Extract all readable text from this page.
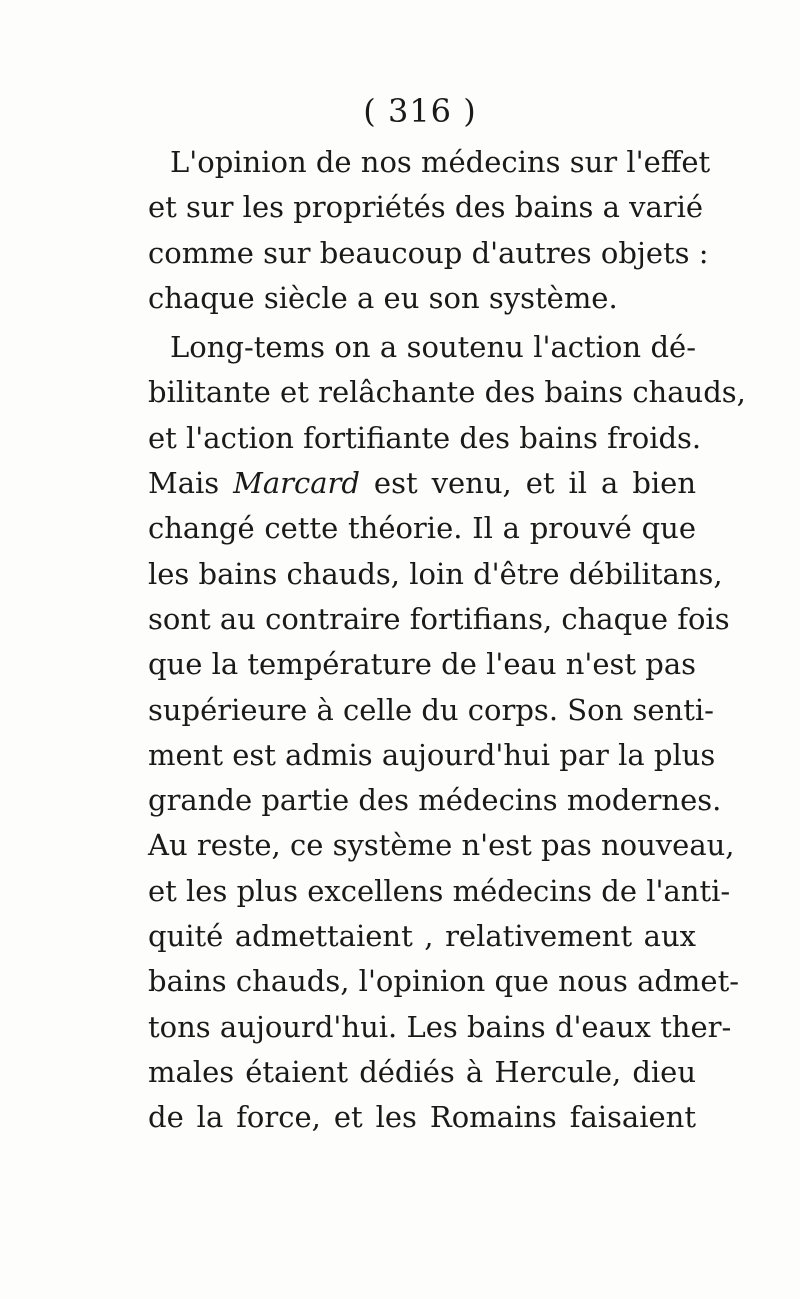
( 316 )
L'opinion de nos médecins sur l'effet
et sur les propriétés des bains a varié
comme sur beaucoup d'autres objets :
chaque siècle a eu son système.
Long-tems on a soutenu l'action dé-
bilitante et relâchante des bains chauds,
et l'action fortifiante des bains froids.
Mais Marcard est venu, et il a bien
changé cette théorie. Il a prouvé que
les bains chauds, loin d'être débilitans,
sont au contraire fortifians, chaque fois
que la température de l'eau n'est pas
supérieure à celle du corps. Son senti-
ment est admis aujourd'hui par la plus
grande partie des médecins modernes.
Au reste, ce système n'est pas nouveau,
et les plus excellens médecins de l'anti-
quité admettaient , relativement aux
bains chauds, l'opinion que nous admet-
tons aujourd'hui. Les bains d'eaux ther-
males étaient dédiés à Hercule, dieu
de la force, et les Romains faisaient
